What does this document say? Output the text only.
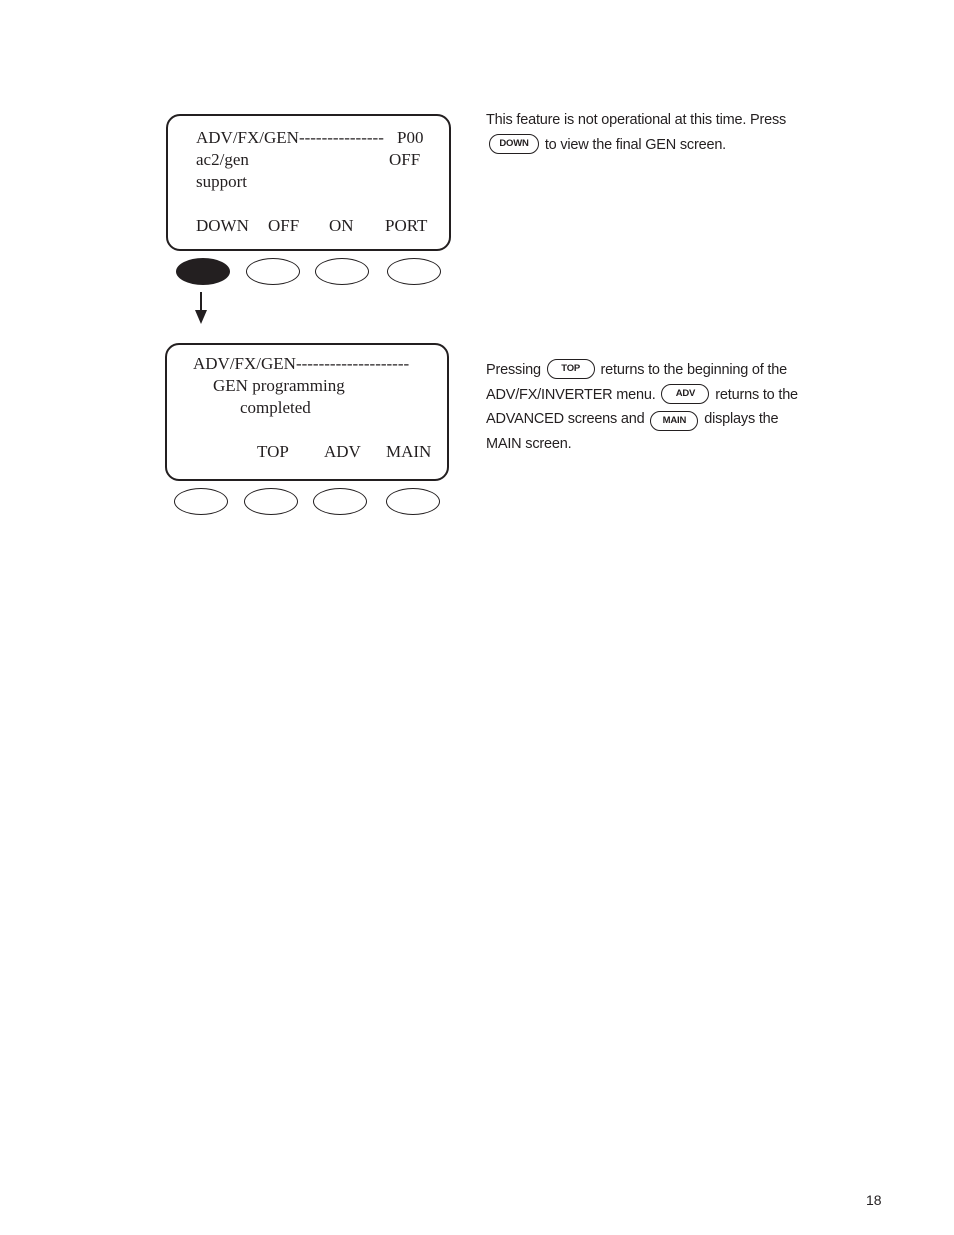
ADV/FX/GEN--------------- P00
ac2/gen	OFF
support
DOWN OFF ON PORT
ADV/FX/GEN--------------------
GEN programming
completed
TOP ADV MAIN
This feature is not operational at this time. Press
DOWN to view the final GEN screen.
Pressing TOP returns to the beginning of the
ADV/FX/INVERTER menu. ADV returns to the
ADVANCED screens and MAIN displays the
MAIN screen.
18
